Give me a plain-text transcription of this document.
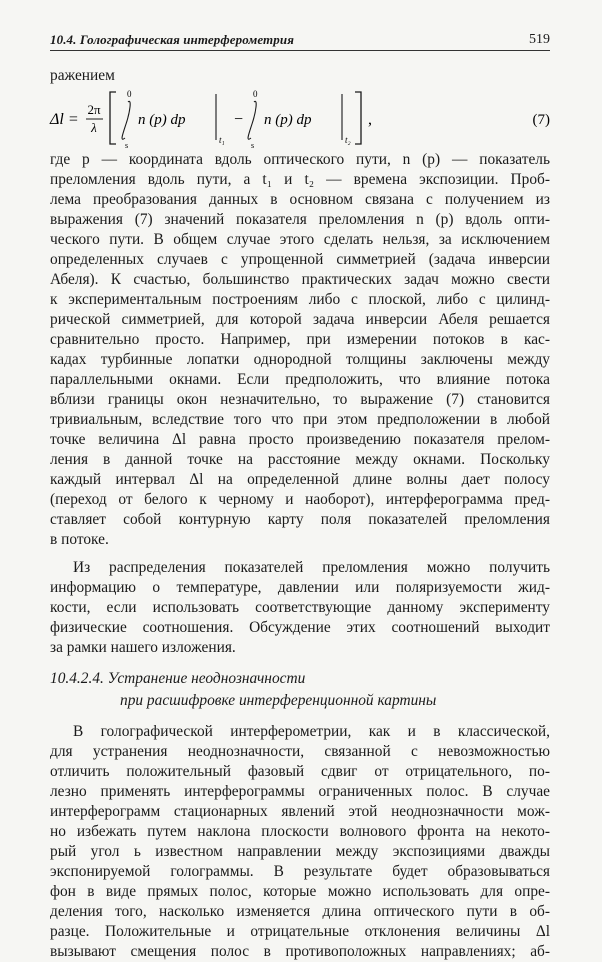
10.4. Голографическая интерферометрия	519
ражением
Δl =
2π
λ
0
s
n (p) dp
t₁
−
0
s
n (p) dp
t₂
,	(7)
где p — координата вдоль оптического пути, n (p) — показатель
преломления вдоль пути, а t₁ и t₂ — времена экспозиции. Проб-
лема преобразования данных в основном связана с получением из
выражения (7) значений показателя преломления n (p) вдоль опти-
ческого пути. В общем случае этого сделать нельзя, за исключением
определенных случаев с упрощенной симметрией (задача инверсии
Абеля). К счастью, большинство практических задач можно свести
к экспериментальным построениям либо с плоской, либо с цилинд-
рической симметрией, для которой задача инверсии Абеля решается
сравнительно просто. Например, при измерении потоков в кас-
кадах турбинные лопатки однородной толщины заключены между
параллельными окнами. Если предположить, что влияние потока
вблизи границы окон незначительно, то выражение (7) становится
тривиальным, вследствие того что при этом предположении в любой
точке величина Δl равна просто произведению показателя прелом-
ления в данной точке на расстояние между окнами. Поскольку
каждый интервал Δl на определенной длине волны дает полосу
(переход от белого к черному и наоборот), интерферограмма пред-
ставляет собой контурную карту поля показателей преломления
в потоке.
Из распределения показателей преломления можно получить
информацию о температуре, давлении или поляризуемости жид-
кости, если использовать соответствующие данному эксперименту
физические соотношения. Обсуждение этих соотношений выходит
за рамки нашего изложения.
10.4.2.4. Устранение неоднозначности
при расшифровке интерференционной картины
В голографической интерферометрии, как и в классической,
для устранения неоднозначности, связанной с невозможностью
отличить положительный фазовый сдвиг от отрицательного, по-
лезно применять интерферограммы ограниченных полос. В случае
интерферограмм стационарных явлений этой неоднозначности мож-
но избежать путем наклона плоскости волнового фронта на некото-
рый угол ь известном направлении между экспозициями дважды
экспонируемой голограммы. В результате будет образовываться
фон в виде прямых полос, которые можно использовать для опре-
деления того, насколько изменяется длина оптического пути в об-
разце. Положительные и отрицательные отклонения величины Δl
вызывают смещения полос в противоположных направлениях; аб-
